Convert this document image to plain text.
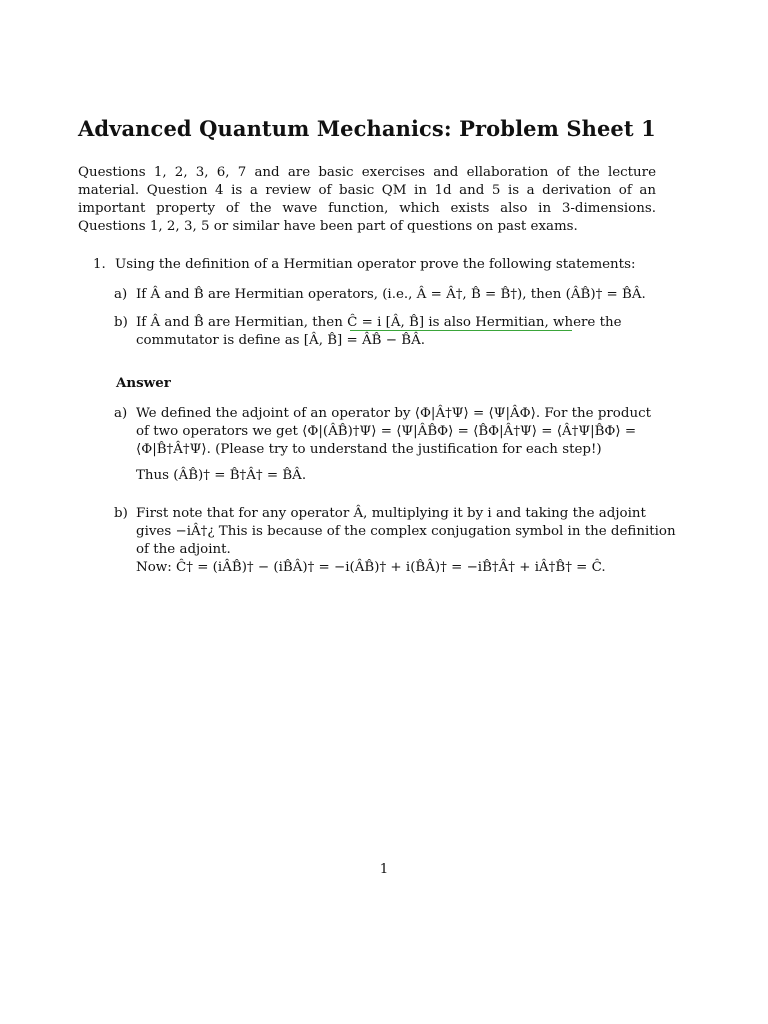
Advanced Quantum Mechanics: Problem Sheet 1
Questions 1, 2, 3, 6, 7 and are basic exercises and ellaboration of the lecture material. Question 4 is a review of basic QM in 1d and 5 is a derivation of an important property of the wave function, which exists also in 3-dimensions. Questions 1, 2, 3, 5 or similar have been part of questions on past exams.
1. Using the definition of a Hermitian operator prove the following statements:
a) If Â and B̂ are Hermitian operators, (i.e., Â = Â†, B̂ = B̂†), then (ÂB̂)† = B̂Â.
b) If Â and B̂ are Hermitian, then Ĉ = i [Â, B̂] is also Hermitian, where the
commutator is define as [Â, B̂] = ÂB̂ − B̂Â.
Answer
a) We defined the adjoint of an operator by ⟨Φ|Â†Ψ⟩ = ⟨Ψ|ÂΦ⟩. For the product
of two operators we get ⟨Φ|(ÂB̂)†Ψ⟩ = ⟨Ψ|ÂB̂Φ⟩ = ⟨B̂Φ|Â†Ψ⟩ = ⟨Â†Ψ|B̂Φ⟩ =
⟨Φ|B̂†Â†Ψ⟩. (Please try to understand the justification for each step!)
Thus (ÂB̂)† = B̂†Â† = B̂Â.
b) First note that for any operator Â, multiplying it by i and taking the adjoint
gives −iÂ†¿ This is because of the complex conjugation symbol in the definition
of the adjoint.
Now: Ĉ† = (iÂB̂)† − (iB̂Â)† = −i(ÂB̂)† + i(B̂Â)† = −iB̂†Â† + iÂ†B̂† = Ĉ.
1
